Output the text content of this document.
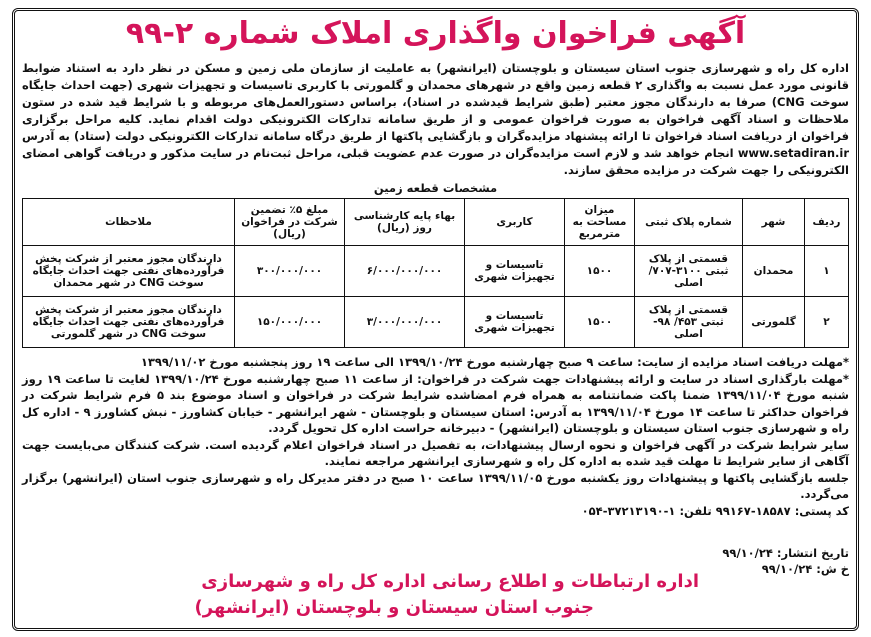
آگهی فراخوان واگذاری املاک شماره ۲-۹۹

اداره کل راه و شهرسازی جنوب استان سیستان و بلوچستان (ایرانشهر) به عاملیت از سازمان ملی زمین و مسکن در نظر دارد به استناد ضوابط قانونی مورد عمل نسبت به واگذاری ۲ قطعه زمین واقع در شهرهای محمدان و گلمورتی با کاربری تاسیسات و تجهیزات شهری (جهت احداث جایگاه سوخت CNG) صرفا به دارندگان مجوز معتبر (طبق شرایط قیدشده در اسناد)، براساس دستورالعمل‌های مربوطه و با شرایط قید شده در ستون ملاحظات و اسناد آگهی فراخوان به صورت فراخوان عمومی و از طریق سامانه تدارکات الکترونیکی دولت اقدام نماید. کلیه مراحل برگزاری فراخوان از دریافت اسناد فراخوان تا ارائه پیشنهاد مزایده‌گران و بازگشایی پاکتها از طریق درگاه سامانه تدارکات الکترونیکی دولت (ستاد) به آدرس www.setadiran.ir انجام خواهد شد و لازم است مزایده‌گران در صورت عدم عضویت قبلی، مراحل ثبت‌نام در سایت مذکور و دریافت گواهی امضای الکترونیکی را جهت شرکت در مزایده محقق سازند.

مشخصات قطعه زمین
ردیف	شهر	شماره پلاک ثبتی	میزان مساحت به مترمربع	کاربری	بهاء پایه کارشناسی روز (ریال)	مبلغ ۵٪ تضمین شرکت در فراخوان (ریال)	ملاحظات
۱	محمدان	قسمتی از پلاک ثبتی ۳۱۰۰-۷۰۷/ اصلی	۱۵۰۰	تاسیسات و تجهیزات شهری	۶/۰۰۰/۰۰۰/۰۰۰	۳۰۰/۰۰۰/۰۰۰	دارندگان مجوز معتبر از شرکت پخش فرآورده‌های نفتی جهت احداث جایگاه سوخت CNG در شهر محمدان
۲	گلمورتی	قسمتی از پلاک ثبتی ۴۵۳/ ۹۸- اصلی	۱۵۰۰	تاسیسات و تجهیزات شهری	۳/۰۰۰/۰۰۰/۰۰۰	۱۵۰/۰۰۰/۰۰۰	دارندگان مجوز معتبر از شرکت پخش فرآورده‌های نفتی جهت احداث جایگاه سوخت CNG در شهر گلمورتی

*مهلت دریافت اسناد مزایده از سایت: ساعت ۹ صبح چهارشنبه مورخ ۱۳۹۹/۱۰/۲۴ الی ساعت ۱۹ روز پنجشنبه مورخ ۱۳۹۹/۱۱/۰۲

*مهلت بارگذاری اسناد در سایت و ارائه پیشنهادات جهت شرکت در فراخوان: از ساعت ۱۱ صبح چهارشنبه مورخ ۱۳۹۹/۱۰/۲۴ لغایت تا ساعت ۱۹ روز شنبه مورخ ۱۳۹۹/۱۱/۰۴ ضمنا پاکت ضمانتنامه به همراه فرم امضاشده شرایط شرکت در فراخوان و اسناد موضوع بند ۵ فرم شرایط شرکت در فراخوان حداکثر تا ساعت ۱۴ مورخ ۱۳۹۹/۱۱/۰۴ به آدرس: استان سیستان و بلوچستان - شهر ایرانشهر - خیابان کشاورز - نبش کشاورز ۹ - اداره کل راه و شهرسازی جنوب استان سیستان و بلوچستان (ایرانشهر) - دبیرخانه حراست اداره کل تحویل گردد.

سایر شرایط شرکت در آگهی فراخوان و نحوه ارسال پیشنهادات، به تفصیل در اسناد فراخوان اعلام گردیده است. شرکت کنندگان می‌بایست جهت آگاهی از سایر شرایط تا مهلت قید شده به اداره کل راه و شهرسازی ایرانشهر مراجعه نمایند.

جلسه بازگشایی پاکتها و پیشنهادات روز یکشنبه مورخ ۱۳۹۹/۱۱/۰۵ ساعت ۱۰ صبح در دفتر مدیرکل راه و شهرسازی جنوب استان (ایرانشهر) برگزار می‌گردد.

کد پستی: ۱۸۵۸۷-۹۹۱۶۷ تلفن: ۱-۳۷۲۱۳۱۹۰-۰۵۴

تاریخ انتشار: ۹۹/۱۰/۲۴
خ ش: ۹۹/۱۰/۲۴
اداره ارتباطات و اطلاع رسانی اداره کل راه و شهرسازی
جنوب استان سیستان و بلوچستان (ایرانشهر)
